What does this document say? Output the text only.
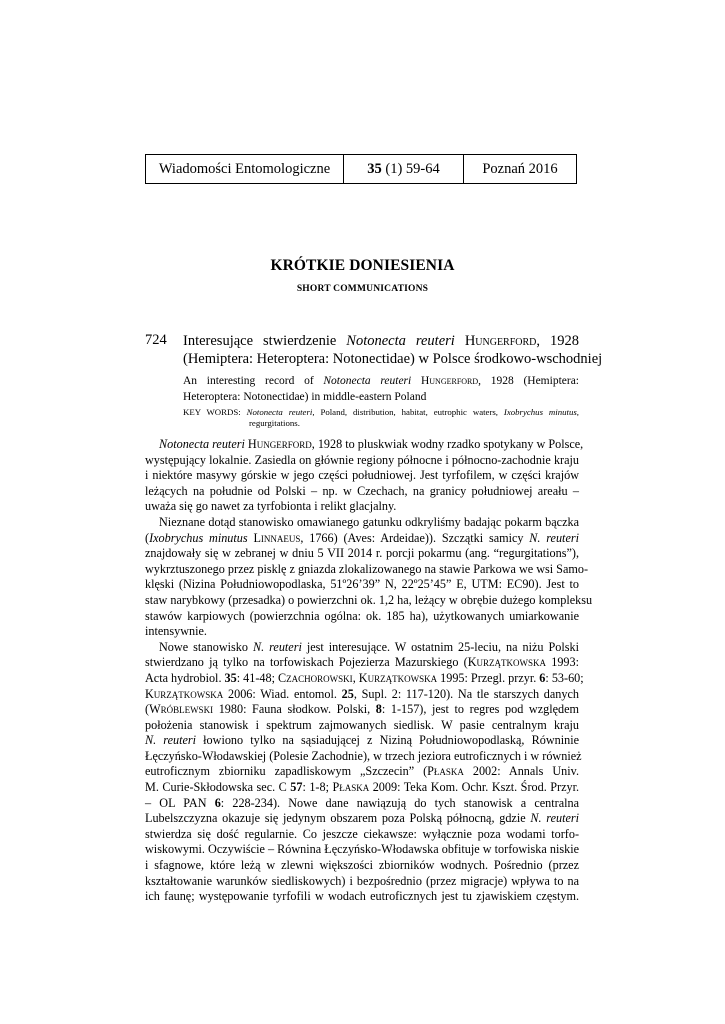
Wiadomości Entomologiczne	35
(1) 59-64	Poznań 2016
KRÓTKIE DONIESIENIA
SHORT COMMUNICATIONS
724 Interesujące stwierdzenie Notonecta reuteri Hungerford, 1928
(Hemiptera: Heteroptera: Notonectidae) w Polsce środkowo-wschodniej
An interesting record of Notonecta reuteri Hungerford, 1928 (Hemiptera:
Heteroptera: Notonectidae) in middle-eastern Poland
KEY WORDS: Notonecta reuteri, Poland, distribution, habitat, eutrophic waters, Ixobrychus minutus,
regurgitations.
Notonecta reuteri Hungerford, 1928 to pluskwiak wodny rzadko spotykany w Polsce,
występujący lokalnie. Zasiedla on głównie regiony północne i północno-zachodnie kraju
i niektóre masywy górskie w jego części południowej. Jest tyrfofilem, w części krajów
leżących na południe od Polski – np. w Czechach, na granicy południowej areału –
uważa się go nawet za tyrfobionta i relikt glacjalny.
Nieznane dotąd stanowisko omawianego gatunku odkryliśmy badając pokarm bączka
(Ixobrychus minutus Linnaeus, 1766) (Aves: Ardeidae)). Szczątki samicy N. reuteri
znajdowały się w zebranej w dniu 5 VII 2014 r. porcji pokarmu (ang. “regurgitations”),
wykrztuszonego przez pisklę z gniazda zlokalizowanego na stawie Parkowa we wsi Samo-
klęski (Nizina Południowopodlaska, 51º26’39” N, 22º25’45” E, UTM: EC90). Jest to
staw narybkowy (przesadka) o powierzchni ok. 1,2 ha, leżący w obrębie dużego kompleksu
stawów karpiowych (powierzchnia ogólna: ok. 185 ha), użytkowanych umiarkowanie
intensywnie.
Nowe stanowisko N. reuteri jest interesujące. W ostatnim 25-leciu, na niżu Polski
stwierdzano ją tylko na torfowiskach Pojezierza Mazurskiego (Kurzątkowska 1993:
Acta hydrobiol. 35: 41-48; Czachorowski, Kurzątkowska 1995: Przegl. przyr. 6: 53-60;
Kurzątkowska 2006: Wiad. entomol. 25, Supl. 2: 117-120). Na tle starszych danych
(Wróblewski 1980: Fauna słodkow. Polski, 8: 1-157), jest to regres pod względem
położenia stanowisk i spektrum zajmowanych siedlisk. W pasie centralnym kraju
N. reuteri łowiono tylko na sąsiadującej z Niziną Południowopodlaską, Równinie
Łęczyńsko-Włodawskiej (Polesie Zachodnie), w trzech jeziora eutroficznych i w również
eutroficznym zbiorniku zapadliskowym „Szczecin” (Płaska 2002: Annals Univ.
M. Curie-Skłodowska sec. C 57: 1-8; Płaska 2009: Teka Kom. Ochr. Kszt. Środ. Przyr.
– OL PAN 6: 228-234). Nowe dane nawiązują do tych stanowisk a centralna
Lubelszczyzna okazuje się jedynym obszarem poza Polską północną, gdzie N. reuteri
stwierdza się dość regularnie. Co jeszcze ciekawsze: wyłącznie poza wodami torfo-
wiskowymi. Oczywiście – Równina Łęczyńsko-Włodawska obfituje w torfowiska niskie
i sfagnowe, które leżą w zlewni większości zbiorników wodnych. Pośrednio (przez
kształtowanie warunków siedliskowych) i bezpośrednio (przez migracje) wpływa to na
ich faunę; występowanie tyrfofili w wodach eutroficznych jest tu zjawiskiem częstym.
